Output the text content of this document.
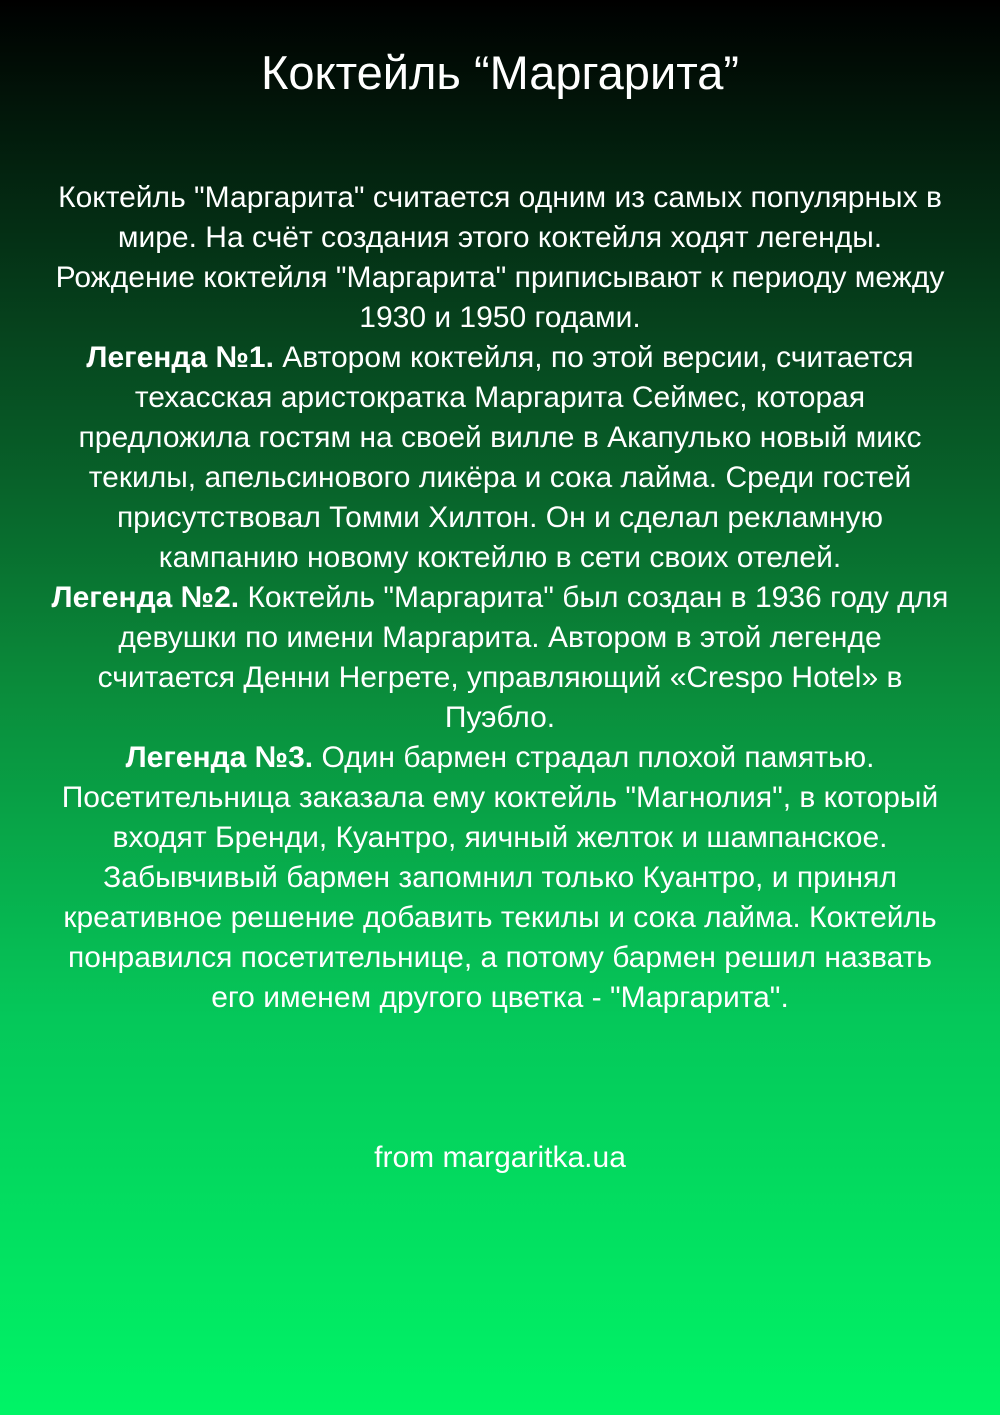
Коктейль “Маргарита”

Коктейль "Маргарита" считается одним из самых популярных в мире. На счёт создания этого коктейля ходят легенды. Рождение коктейля "Маргарита" приписывают к периоду между 1930 и 1950 годами.

Легенда №1. Автором коктейля, по этой версии, считается техасская аристократка Маргарита Сеймес, которая предложила гостям на своей вилле в Акапулько новый микс текилы, апельсинового ликёра и сока лайма. Среди гостей присутствовал Томми Хилтон. Он и сделал рекламную кампанию новому коктейлю в сети своих отелей.

Легенда №2. Коктейль "Маргарита" был создан в 1936 году для девушки по имени Маргарита. Автором в этой легенде считается Денни Негрете, управляющий «Crespo Hotel» в Пуэбло.

Легенда №3. Один бармен страдал плохой памятью. Посетительница заказала ему коктейль "Магнолия", в который входят Бренди, Куантро, яичный желток и шампанское. Забывчивый бармен запомнил только Куантро, и принял креативное решение добавить текилы и сока лайма. Коктейль понравился посетительнице, а потому бармен решил назвать его именем другого цветка - "Маргарита".

from margaritka.ua
